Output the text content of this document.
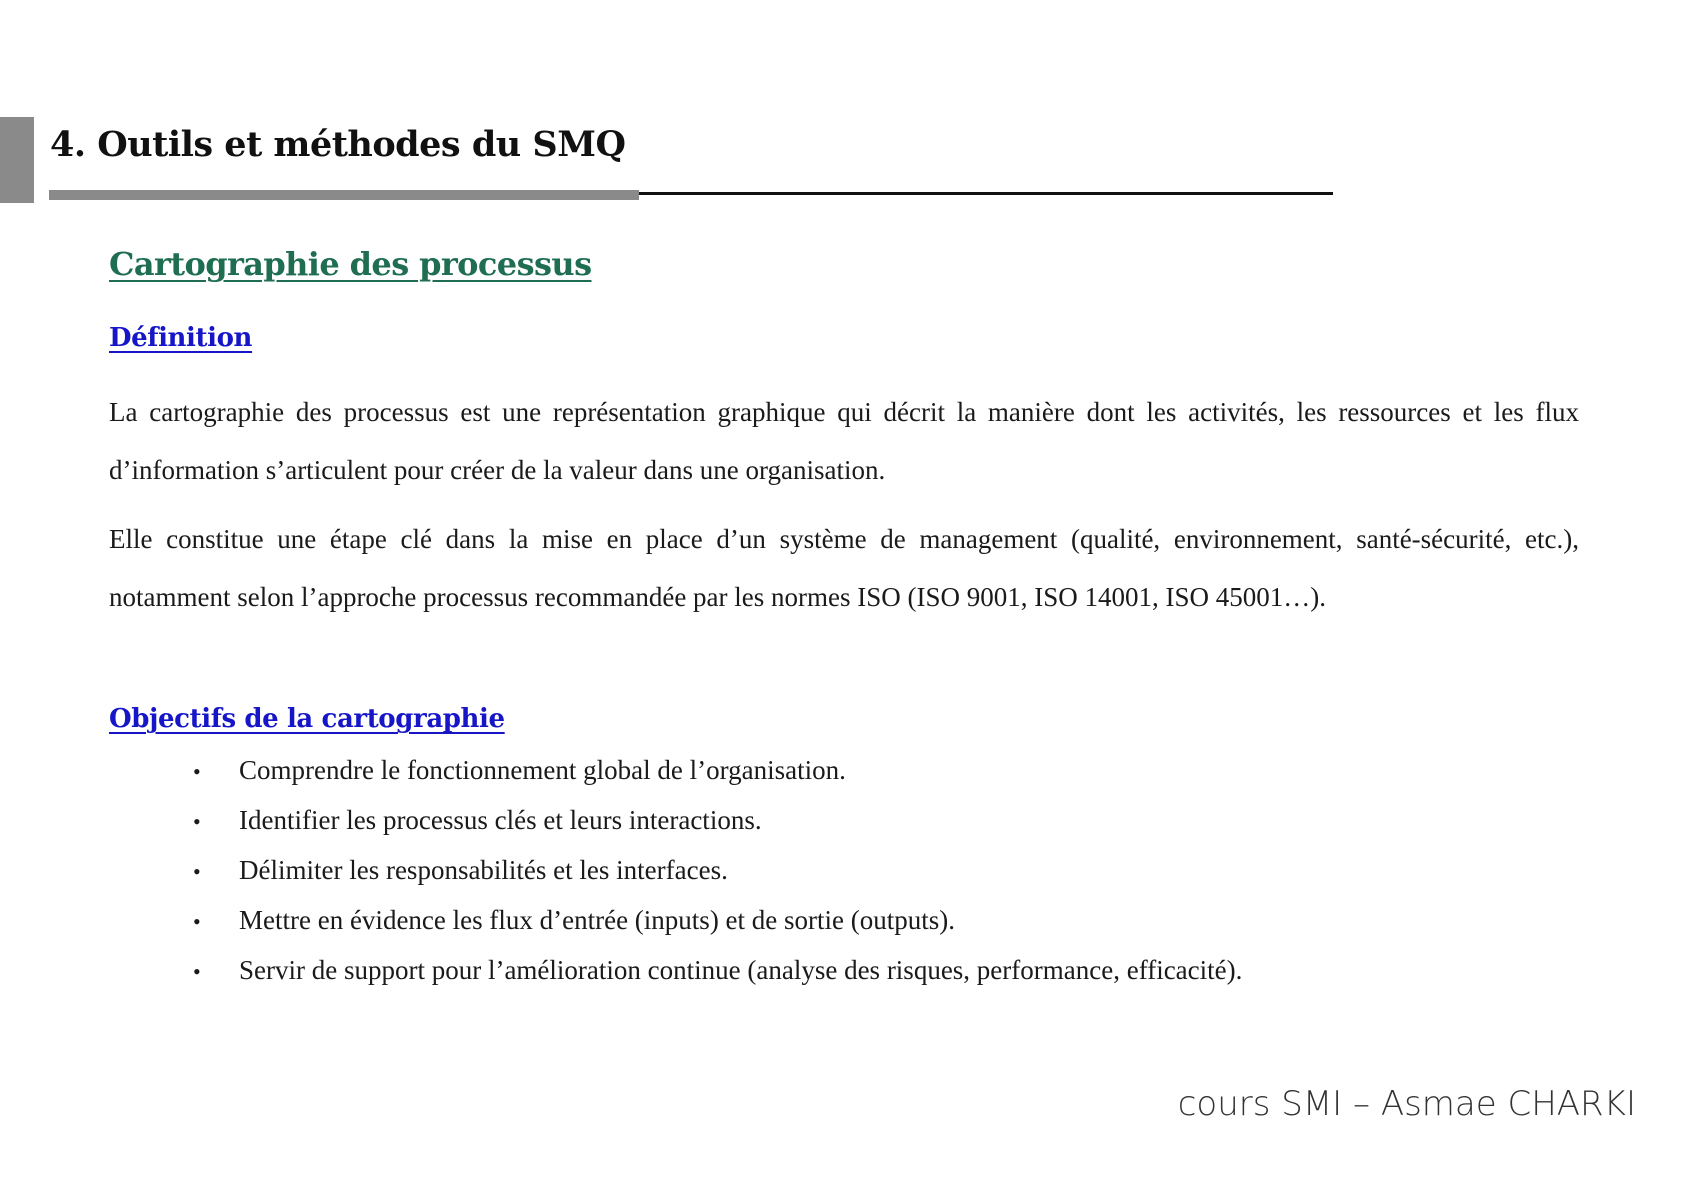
4. Outils et méthodes du SMQ
Cartographie des processus
Définition

La cartographie des processus est une représentation graphique qui décrit la manière dont les activités, les ressources et les flux d’information s’articulent pour créer de la valeur dans une organisation.

Elle constitue une étape clé dans la mise en place d’un système de management (qualité, environnement, santé-sécurité, etc.), notamment selon l’approche processus recommandée par les normes ISO (ISO 9001, ISO 14001, ISO 45001…).

Objectifs de la cartographie
• Comprendre le fonctionnement global de l’organisation.
• Identifier les processus clés et leurs interactions.
• Délimiter les responsabilités et les interfaces.
• Mettre en évidence les flux d’entrée (inputs) et de sortie (outputs).
• Servir de support pour l’amélioration continue (analyse des risques, performance, efficacité).

cours SMI – Asmae CHARKI
